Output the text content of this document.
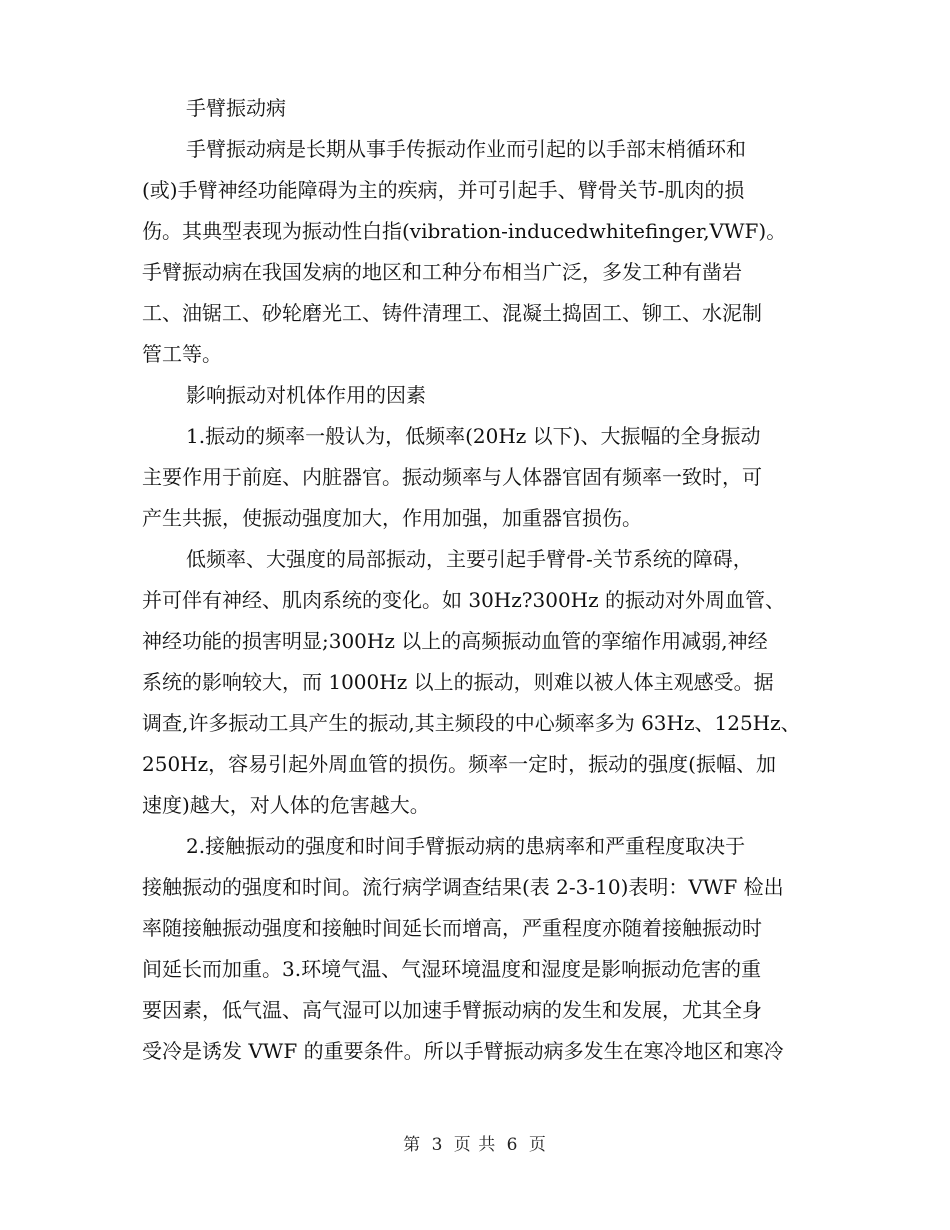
手臂振动病

手臂振动病是长期从事手传振动作业而引起的以手部末梢循环和

(或)手臂神经功能障碍为主的疾病，并可引起手、臂骨关节-肌肉的损

伤。其典型表现为振动性白指(vibration-inducedwhitefinger,VWF)。

手臂振动病在我国发病的地区和工种分布相当广泛，多发工种有凿岩

工、油锯工、砂轮磨光工、铸件清理工、混凝土捣固工、铆工、水泥制

管工等。

影响振动对机体作用的因素

1.振动的频率一般认为，低频率(20Hz 以下)、大振幅的全身振动

主要作用于前庭、内脏器官。振动频率与人体器官固有频率一致时，可

产生共振，使振动强度加大，作用加强，加重器官损伤。

低频率、大强度的局部振动，主要引起手臂骨-关节系统的障碍，

并可伴有神经、肌肉系统的变化。如 30Hz?300Hz 的振动对外周血管、

神经功能的损害明显;300Hz 以上的高频振动血管的挛缩作用减弱,神经

系统的影响较大，而 1000Hz 以上的振动，则难以被人体主观感受。据

调查,许多振动工具产生的振动,其主频段的中心频率多为 63Hz、125Hz、

250Hz，容易引起外周血管的损伤。频率一定时，振动的强度(振幅、加

速度)越大，对人体的危害越大。

2.接触振动的强度和时间手臂振动病的患病率和严重程度取决于

接触振动的强度和时间。流行病学调查结果(表 2-3-10)表明：VWF 检出

率随接触振动强度和接触时间延长而增高，严重程度亦随着接触振动时

间延长而加重。3.环境气温、气湿环境温度和湿度是影响振动危害的重

要因素，低气温、高气湿可以加速手臂振动病的发生和发展，尤其全身

受冷是诱发 VWF 的重要条件。所以手臂振动病多发生在寒冷地区和寒冷

第 3 页 共 6 页
